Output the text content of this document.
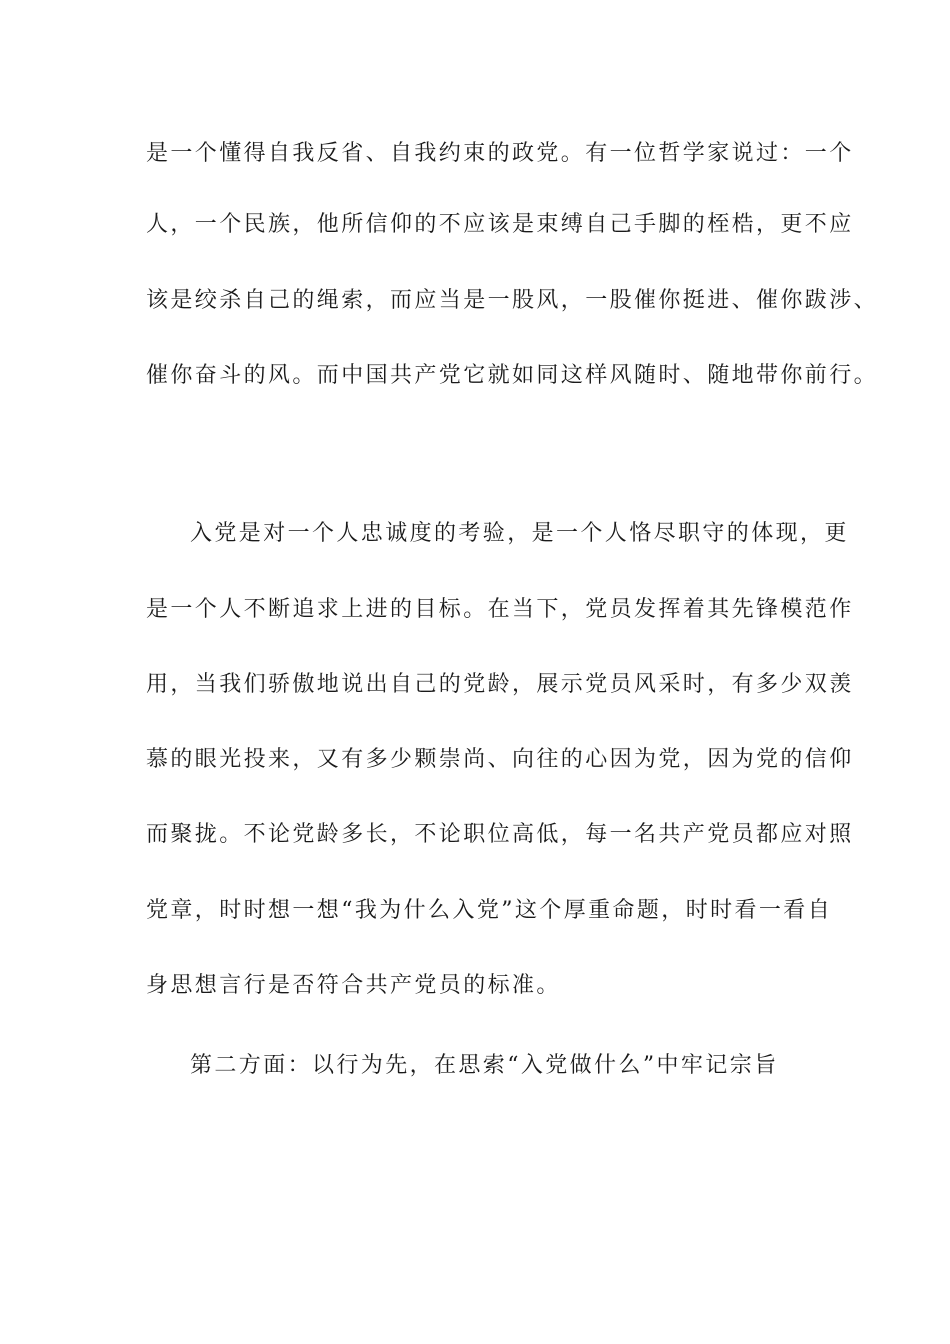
是一个懂得自我反省、自我约束的政党。有一位哲学家说过：一个
人，一个民族，他所信仰的不应该是束缚自己手脚的桎梏，更不应
该是绞杀自己的绳索，而应当是一股风，一股催你挺进、催你跋涉、
催你奋斗的风。而中国共产党它就如同这样风随时、随地带你前行。
入党是对一个人忠诚度的考验，是一个人恪尽职守的体现，更
是一个人不断追求上进的目标。在当下，党员发挥着其先锋模范作
用，当我们骄傲地说出自己的党龄，展示党员风采时，有多少双羡
慕的眼光投来，又有多少颗崇尚、向往的心因为党，因为党的信仰
而聚拢。不论党龄多长，不论职位高低，每一名共产党员都应对照
党章，时时想一想“我为什么入党”这个厚重命题，时时看一看自
身思想言行是否符合共产党员的标准。
第二方面：以行为先，在思索“入党做什么”中牢记宗旨
